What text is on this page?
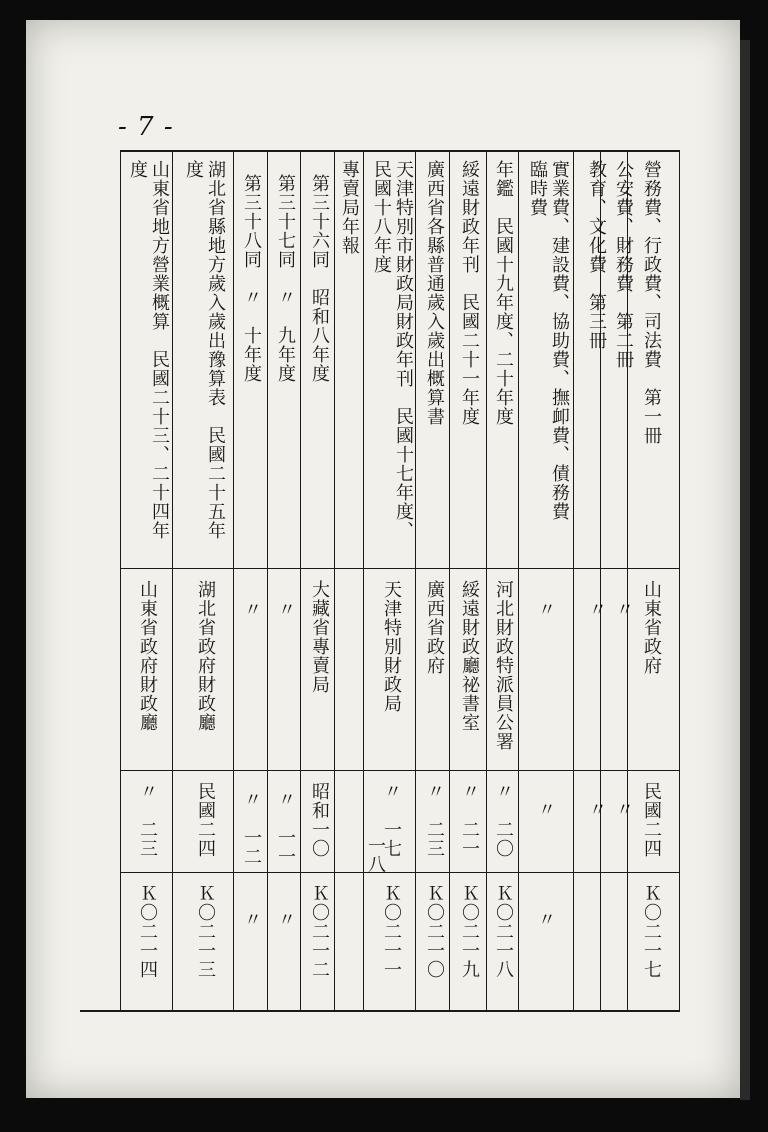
- 7 -
營務費、行政費、司法費　第一冊
山東省政府
民國二四
Ｋ〇二一七
公安費、財務費　第二冊
〃
〃
教育、文化費　第三冊
〃
〃
實業費、建設費、協助費、撫卹費、債務費
臨時費
〃
〃
〃
年鑑　民國十九年度、二十年度
河北財政特派員公署
〃　二〇
Ｋ〇二一八
綏遠財政年刊　民國二十一年度
綏遠財政廳祕書室
〃　二一
Ｋ〇二一九
廣西省各縣普通歲入歲出概算書
廣西省政府
〃　二三
Ｋ〇二一〇
天津特別市財政局財政年刊　民國十七年度、
民國十八年度
天津特別財政局
〃　一七
一八
Ｋ〇二一一
專賣局年報
第三十六同　昭和八年度
大藏省專賣局
昭和一〇
Ｋ〇二一二
第三十七同　〃　九年度
〃
〃　一一
〃
第三十八同　〃　十年度
〃
〃　一二
〃
湖北省縣地方歲入歲出豫算表　民國二十五年
度
湖北省政府財政廳
民國二四
Ｋ〇二一三
山東省地方營業概算　民國二十三、二十四年
度
山東省政府財政廳
〃　二三
Ｋ〇二一四
